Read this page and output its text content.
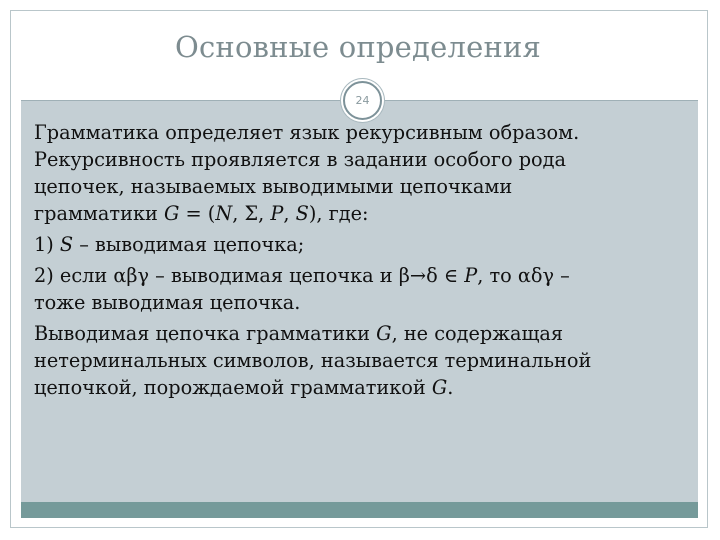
Основные определения
24

Грамматика определяет язык рекурсивным образом.
Рекурсивность проявляется в задании особого рода
цепочек, называемых выводимыми цепочками
грамматики G = (N, Σ, P, S), где:

1) S – выводимая цепочка;

2) если αβγ – выводимая цепочка и β→δ ∈ P, то αδγ –
тоже выводимая цепочка.

Выводимая цепочка грамматики G, не содержащая
нетерминальных символов, называется терминальной
цепочкой, порождаемой грамматикой G.
